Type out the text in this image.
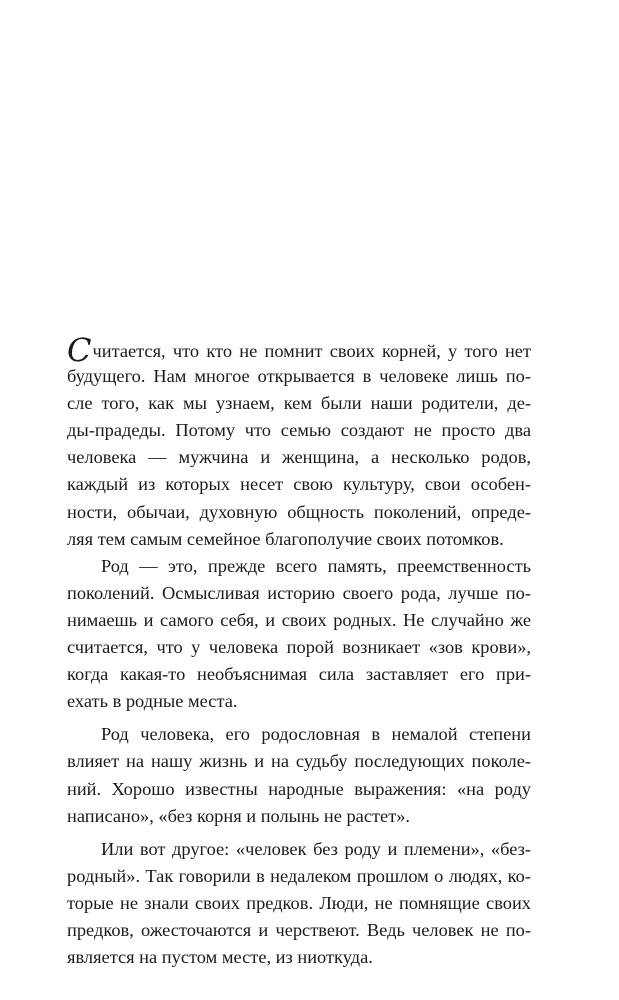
Считается, что кто не помнит своих корней, у того нет
будущего. Нам многое открывается в человеке лишь по-
сле того, как мы узнаем, кем были наши родители, де-
ды-прадеды. Потому что семью создают не просто два
человека — мужчина и женщина, а несколько родов,
каждый из которых несет свою культуру, свои особен-
ности, обычаи, духовную общность поколений, опреде-
ляя тем самым семейное благополучие своих потомков.
Род — это, прежде всего память, преемственность
поколений. Осмысливая историю своего рода, лучше по-
нимаешь и самого себя, и своих родных. Не случайно же
считается, что у человека порой возникает «зов крови»,
когда какая-то необъяснимая сила заставляет его при-
ехать в родные места.
Род человека, его родословная в немалой степени
влияет на нашу жизнь и на судьбу последующих поколе-
ний. Хорошо известны народные выражения: «на роду
написано», «без корня и полынь не растет».
Или вот другое: «человек без роду и племени», «без-
родный». Так говорили в недалеком прошлом о людях, ко-
торые не знали своих предков. Люди, не помнящие своих
предков, ожесточаются и черствеют. Ведь человек не по-
является на пустом месте, из ниоткуда.
